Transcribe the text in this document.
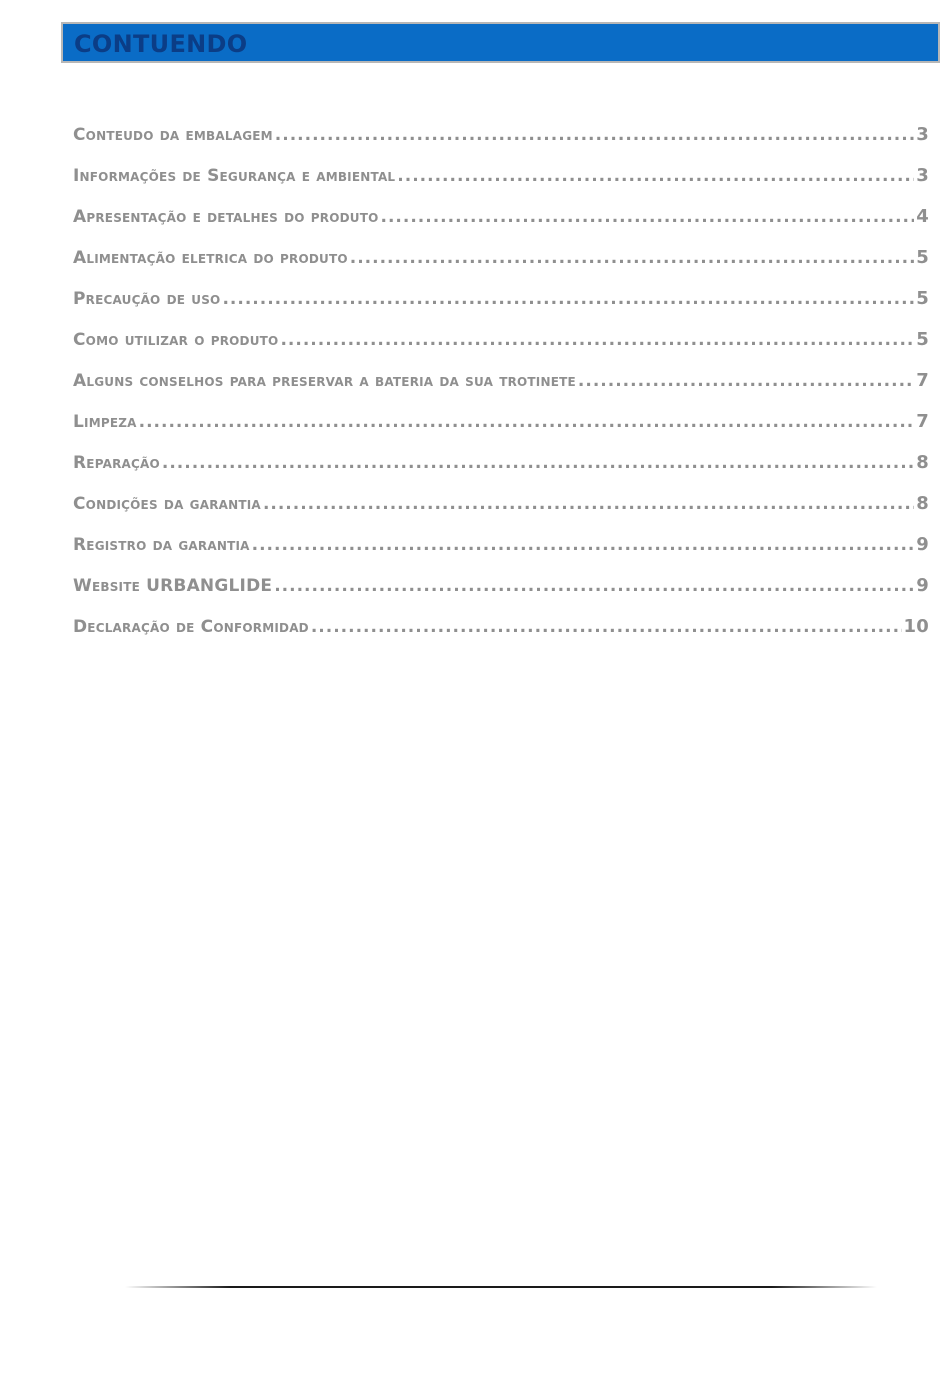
CONTUENDO
Conteudo da embalagem .....	3
Informações de Segurança e ambiental .....	3
Apresentação e detalhes do produto .....	4
Alimentação eletrica do produto .....	5
Precaução de uso .....	5
Como utilizar o produto .....	5
Alguns conselhos para preservar a bateria da sua trotinete .....	7
Limpeza .....	7
Reparação .....	8
Condições da garantia .....	8
Registro da garantia .....	9
Website URBANGLIDE .....	9
Declaração de Conformidad .....	10
